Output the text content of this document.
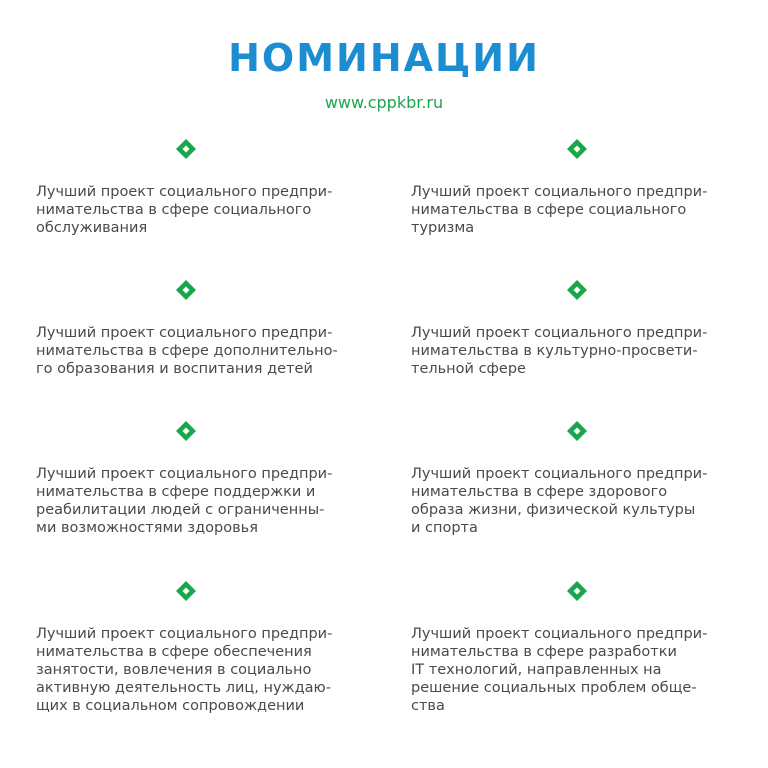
НОМИНАЦИИ
www.cppkbr.ru
Лучший проект социального предпри-
нимательства в сфере социального
обслуживания
Лучший проект социального предпри-
нимательства в сфере социального
туризма
Лучший проект социального предпри-
нимательства в сфере дополнительно-
го образования и воспитания детей
Лучший проект социального предпри-
нимательства в культурно-просвети-
тельной сфере
Лучший проект социального предпри-
нимательства в сфере поддержки и
реабилитации людей с ограниченны-
ми возможностями здоровья
Лучший проект социального предпри-
нимательства в сфере здорового
образа жизни, физической культуры
и спорта
Лучший проект социального предпри-
нимательства в сфере обеспечения
занятости, вовлечения в социально
активную деятельность лиц, нуждаю-
щих в социальном сопровождении
Лучший проект социального предпри-
нимательства в сфере разработки
IT технологий, направленных на
решение социальных проблем обще-
ства
